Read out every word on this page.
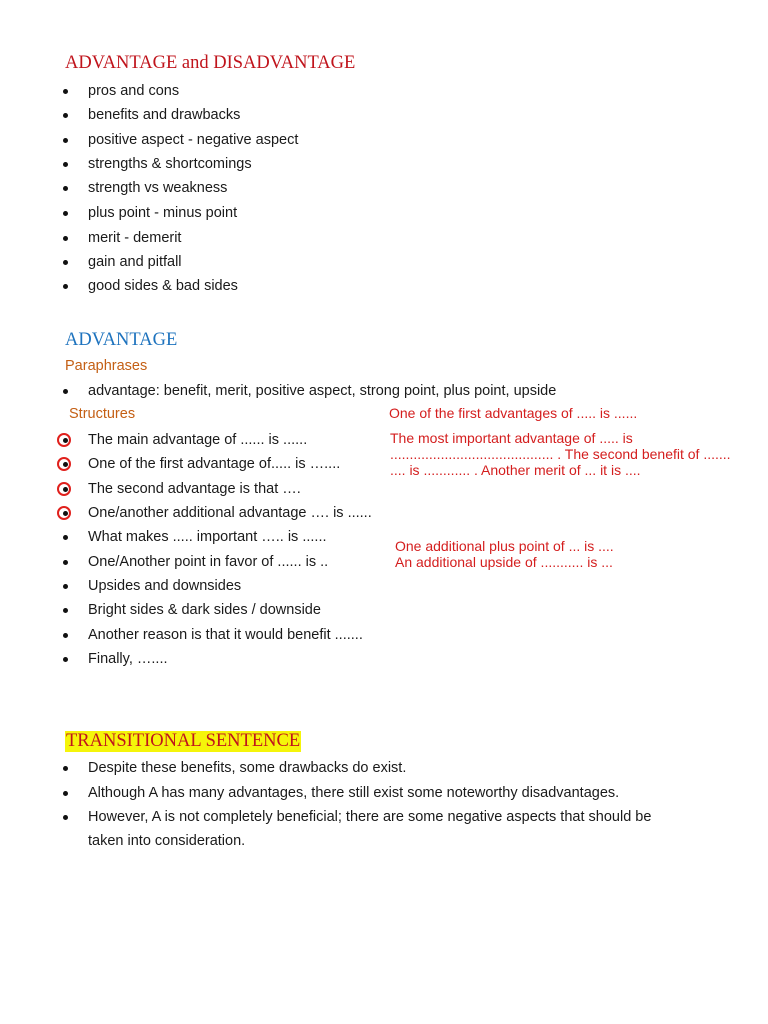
ADVANTAGE and DISADVANTAGE
pros and cons
benefits and drawbacks
positive aspect - negative aspect
strengths & shortcomings
strength vs weakness
plus point - minus point
merit - demerit
gain and pitfall
good sides & bad sides
ADVANTAGE
Paraphrases
advantage: benefit, merit, positive aspect, strong point, plus point, upside
Structures
The main advantage of ...... is ......
One of the first advantage of..... is …....
The second advantage is that ….
One/another additional advantage …. is ......
What makes ..... important ….. is ......
One/Another point in favor of ...... is ..
Upsides and downsides
Bright sides & dark sides / downside
Another reason is that it would benefit .......
Finally, …....
One of the first advantages of ..... is ......
The most important advantage of ..... is
.......................................... . The second benefit of .......
.... is ............ . Another merit of ... it is ....
One additional plus point of ... is ....
An additional upside of ........... is ...
TRANSITIONAL SENTENCE
Despite these benefits, some drawbacks do exist.
Although A has many advantages, there still exist some noteworthy disadvantages.
However, A is not completely beneficial; there are some negative aspects that should be
taken into consideration.
